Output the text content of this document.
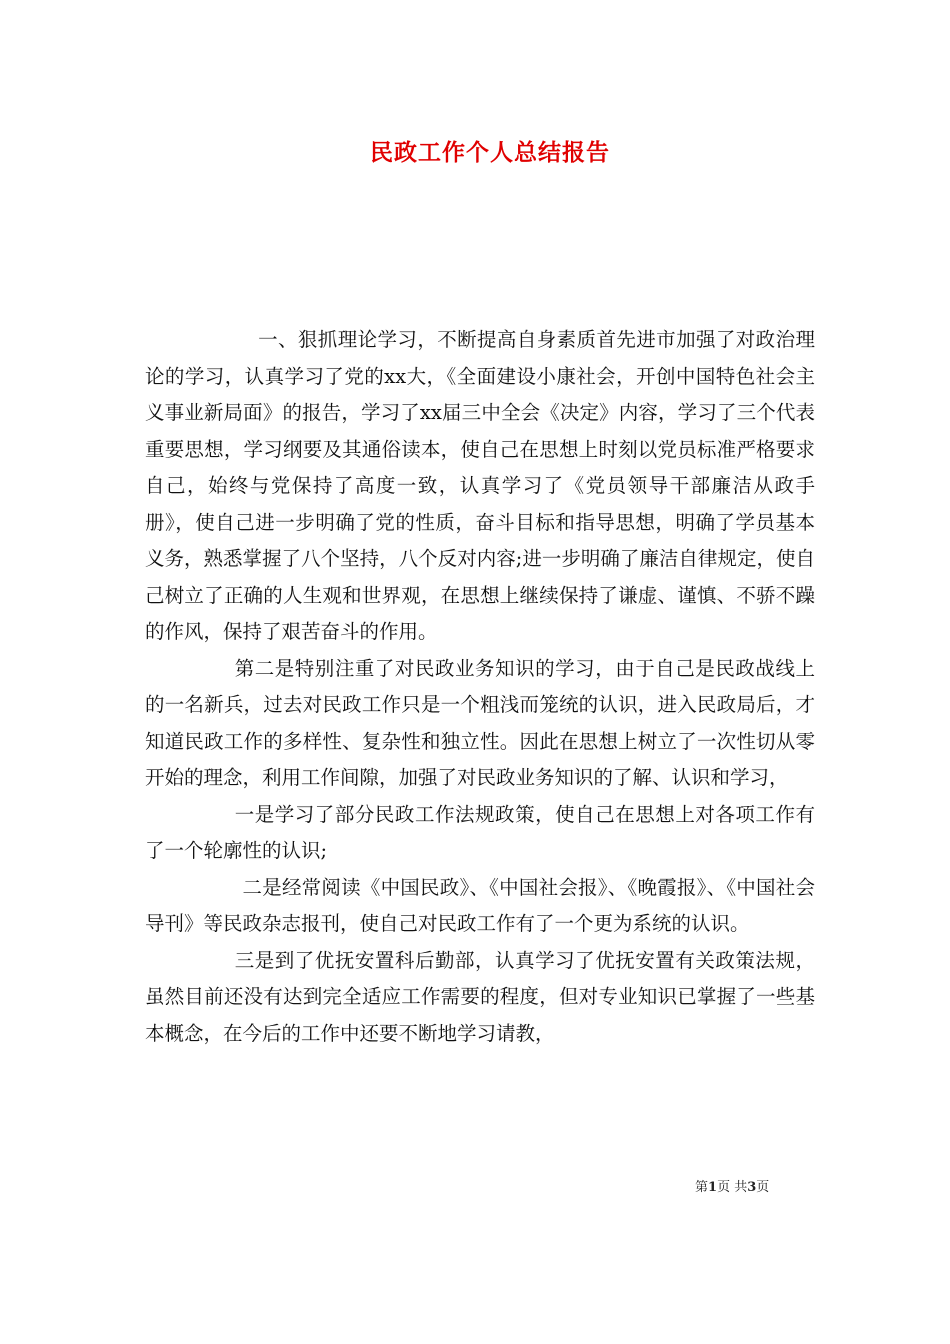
民政工作个人总结报告

一、狠抓理论学习，不断提高自身素质首先进市加强了对政治理论的学习，认真学习了党的xx大，《全面建设小康社会，开创中国特色社会主义事业新局面》的报告，学习了xx届三中全会《决定》内容，学习了三个代表重要思想，学习纲要及其通俗读本，使自己在思想上时刻以党员标准严格要求自己，始终与党保持了高度一致，认真学习了《党员领导干部廉洁从政手册》，使自己进一步明确了党的性质，奋斗目标和指导思想，明确了学员基本义务，熟悉掌握了八个坚持，八个反对内容;进一步明确了廉洁自律规定，使自己树立了正确的人生观和世界观，在思想上继续保持了谦虚、谨慎、不骄不躁的作风，保持了艰苦奋斗的作用。

第二是特别注重了对民政业务知识的学习，由于自己是民政战线上的一名新兵，过去对民政工作只是一个粗浅而笼统的认识，进入民政局后，才知道民政工作的多样性、复杂性和独立性。因此在思想上树立了一次性切从零开始的理念，利用工作间隙，加强了对民政业务知识的了解、认识和学习，

一是学习了部分民政工作法规政策，使自己在思想上对各项工作有了一个轮廓性的认识;

二是经常阅读《中国民政》、《中国社会报》、《晚霞报》、《中国社会导刊》等民政杂志报刊，使自己对民政工作有了一个更为系统的认识。

三是到了优抚安置科后勤部，认真学习了优抚安置有关政策法规，虽然目前还没有达到完全适应工作需要的程度，但对专业知识已掌握了一些基本概念，在今后的工作中还要不断地学习请教，

第1页 共3页
